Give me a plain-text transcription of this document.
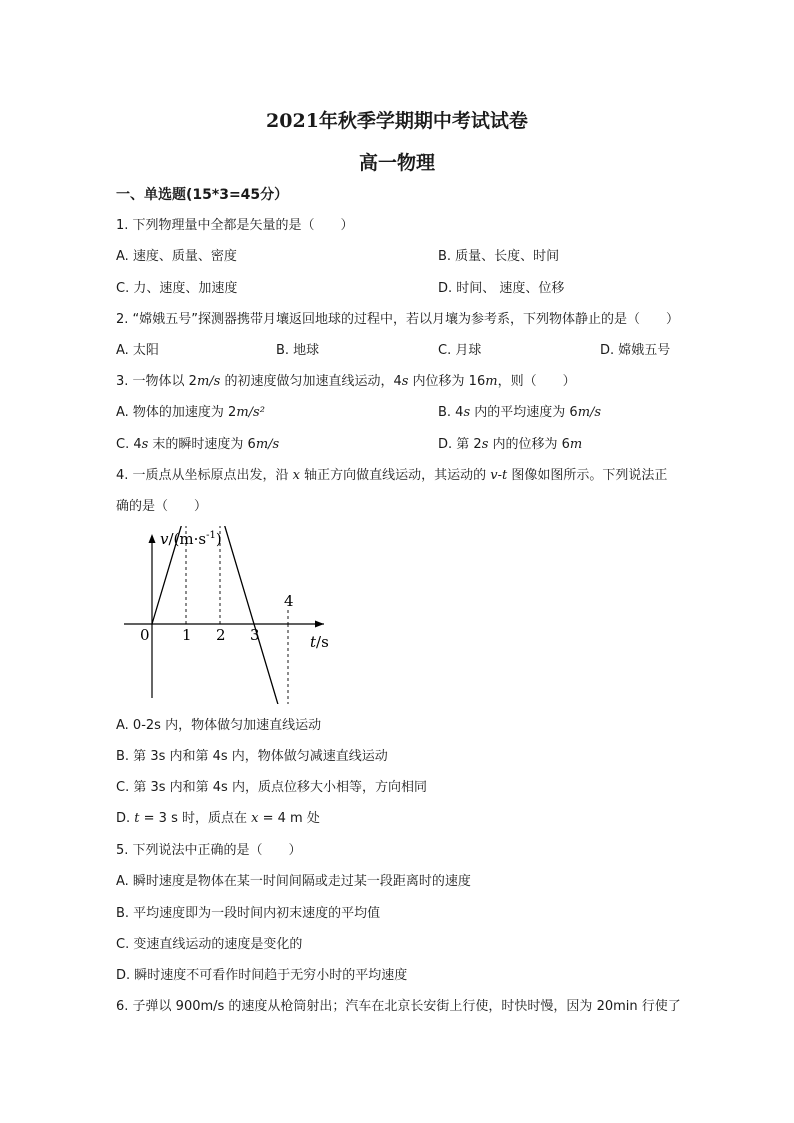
2021年秋季学期期中考试试卷
高一物理
一、单选题(15*3=45分）
1. 下列物理量中全都是矢量的是（　　）
A. 速度、质量、密度	B. 质量、长度、时间
C. 力、速度、加速度	D. 时间、 速度、位移
2. “嫦娥五号”探测器携带月壤返回地球的过程中，若以月壤为参考系，下列物体静止的是（　　）
A. 太阳	B. 地球	C. 月球	D. 嫦娥五号
3. 一物体以 2m/s 的初速度做匀加速直线运动，4s 内位移为 16m，则（　　）
A. 物体的加速度为 2m/s²	B. 4s 内的平均速度为 6m/s
C. 4s 末的瞬时速度为 6m/s	D. 第 2s 内的位移为 6m
4. 一质点从坐标原点出发，沿 x 轴正方向做直线运动，其运动的 v-t 图像如图所示。下列说法正
确的是（　　）
$v/(m\cdot s^{-1})$
t/s
0 1 2 3
4
A. 0-2s 内，物体做匀加速直线运动
B. 第 3s 内和第 4s 内，物体做匀减速直线运动
C. 第 3s 内和第 4s 内，质点位移大小相等，方向相同
D. t = 3 s 时，质点在 x = 4 m 处
5. 下列说法中正确的是（　　）
A. 瞬时速度是物体在某一时间间隔或走过某一段距离时的速度
B. 平均速度即为一段时间内初末速度的平均值
C. 变速直线运动的速度是变化的
D. 瞬时速度不可看作时间趋于无穷小时的平均速度
6. 子弹以 900m/s 的速度从枪筒射出；汽车在北京长安街上行使，时快时慢，因为 20min 行使了
